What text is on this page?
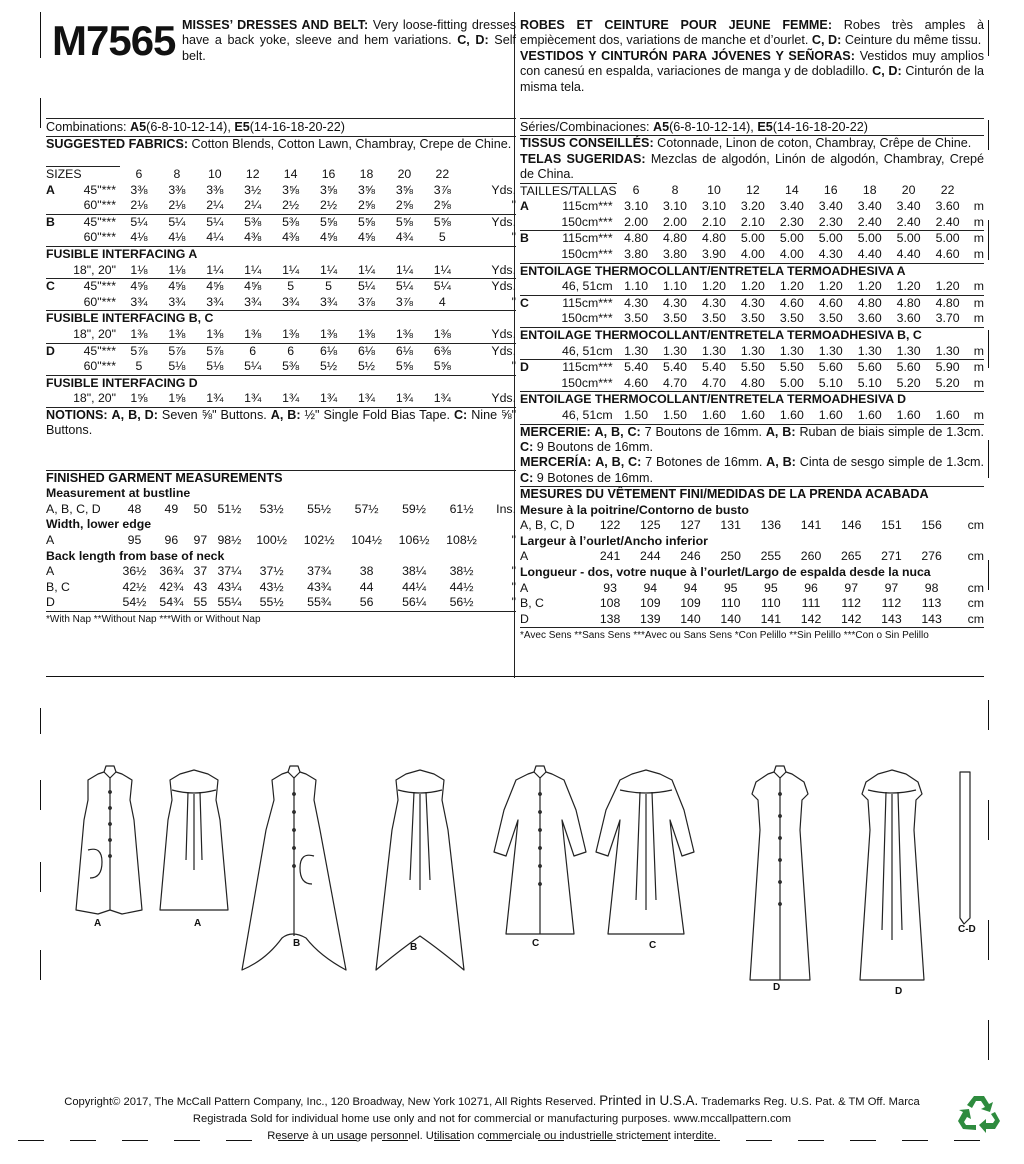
M7565 MISSES’ DRESSES AND BELT: Very loose-fitting dresses have a back yoke, sleeve and hem variations. C, D: Self belt.
Combinations: A5(6-8-10-12-14), E5(14-16-18-20-22)
SUGGESTED FABRICS: Cotton Blends, Cotton Lawn, Chambray, Crepe de Chine.
SIZES		6	8	10	12	14	16	18	20	22	
A	45"***	3⅜	3⅜	3⅜	3½	3⅝	3⅝	3⅝	3⅝	3⅞	Yds.
	60"***	2⅛	2⅛	2¼	2¼	2½	2½	2⅝	2⅝	2⅝	"
B	45"***	5¼	5¼	5¼	5⅜	5⅜	5⅝	5⅝	5⅝	5⅝	Yds.
	60"***	4⅛	4⅛	4¼	4⅜	4⅜	4⅝	4⅝	4¾	5	"
FUSIBLE INTERFACING A											
	18", 20"	1⅛	1⅛	1¼	1¼	1¼	1¼	1¼	1¼	1¼	Yds.
C	45"***	4⅝	4⅝	4⅝	4⅝	5	5	5¼	5¼	5¼	Yds.
	60"***	3¾	3¾	3¾	3¾	3¾	3¾	3⅞	3⅞	4	"
FUSIBLE INTERFACING B, C											
	18", 20"	1⅜	1⅜	1⅜	1⅜	1⅜	1⅜	1⅜	1⅜	1⅜	Yds.
D	45"***	5⅞	5⅞	5⅞	6	6	6⅛	6⅛	6⅛	6⅜	Yds.
	60"***	5	5⅛	5⅛	5¼	5⅜	5½	5½	5⅝	5⅝	"
FUSIBLE INTERFACING D											
	18", 20"	1⅝	1⅝	1¾	1¾	1¾	1¾	1¾	1¾	1¾	Yds.
NOTIONS: A, B, D: Seven ⅝" Buttons. A, B: ½" Single Fold Bias Tape. C: Nine ⅝" Buttons.
FINISHED GARMENT MEASUREMENTS
Measurement at bustline										
A, B, C, D	48	49	50	51½	53½	55½	57½	59½	61½	Ins.
Width, lower edge										
A	95	96	97	98½	100½	102½	104½	106½	108½	"
Back length from base of neck										
A	36½	36¾	37	37¼	37½	37¾	38	38¼	38½	"
B, C	42½	42¾	43	43¼	43½	43¾	44	44¼	44½	"
D	54½	54¾	55	55¼	55½	55¾	56	56¼	56½	"
*With Nap **Without Nap ***With or Without Nap
ROBES ET CEINTURE POUR JEUNE FEMME: Robes très amples à empiècement dos, variations de manche et d’ourlet. C, D: Ceinture du même tissu.
VESTIDOS Y CINTURÓN PARA JÓVENES Y SEÑORAS: Vestidos muy amplios con canesú en espalda, variaciones de manga y de dobladillo. C, D: Cinturón de la misma tela.
Séries/Combinaciones: A5(6-8-10-12-14), E5(14-16-18-20-22)
TISSUS CONSEILLÉS: Cotonnade, Linon de coton, Chambray, Crêpe de Chine.
TELAS SUGERIDAS: Mezclas de algodón, Linón de algodón, Chambray, Crepé de China.
TAILLES/TALLAS		6	8	10	12	14	16	18	20	22	
A	115cm***	3.10	3.10	3.10	3.20	3.40	3.40	3.40	3.40	3.60	m
	150cm***	2.00	2.00	2.10	2.10	2.30	2.30	2.40	2.40	2.40	m
B	115cm***	4.80	4.80	4.80	5.00	5.00	5.00	5.00	5.00	5.00	m
	150cm***	3.80	3.80	3.90	4.00	4.00	4.30	4.40	4.40	4.60	m
ENTOILAGE THERMOCOLLANT/ENTRETELA TERMOADHESIVA A											
	46, 51cm	1.10	1.10	1.20	1.20	1.20	1.20	1.20	1.20	1.20	m
C	115cm***	4.30	4.30	4.30	4.30	4.60	4.60	4.80	4.80	4.80	m
	150cm***	3.50	3.50	3.50	3.50	3.50	3.50	3.60	3.60	3.70	m
ENTOILAGE THERMOCOLLANT/ENTRETELA TERMOADHESIVA B, C											
	46, 51cm	1.30	1.30	1.30	1.30	1.30	1.30	1.30	1.30	1.30	m
D	115cm***	5.40	5.40	5.40	5.50	5.50	5.60	5.60	5.60	5.90	m
	150cm***	4.60	4.70	4.70	4.80	5.00	5.10	5.10	5.20	5.20	m
ENTOILAGE THERMOCOLLANT/ENTRETELA TERMOADHESIVA D											
	46, 51cm	1.50	1.50	1.60	1.60	1.60	1.60	1.60	1.60	1.60	m
MERCERIE: A, B, C: 7 Boutons de 16mm. A, B: Ruban de biais simple de 1.3cm. C: 9 Boutons de 16mm.
MERCERÍA: A, B, C: 7 Botones de 16mm. A, B: Cinta de sesgo simple de 1.3cm. C: 9 Botones de 16mm.
MESURES DU VÊTEMENT FINI/MEDIDAS DE LA PRENDA ACABADA
Mesure à la poitrine/Contorno de busto										
A, B, C, D	122	125	127	131	136	141	146	151	156	cm
Largeur à l’ourlet/Ancho inferior										
A	241	244	246	250	255	260	265	271	276	cm
Longueur - dos, votre nuque à l’ourlet/Largo de espalda desde la nuca										
A	93	94	94	95	95	96	97	97	98	cm
B, C	108	109	109	110	110	111	112	112	113	cm
D	138	139	140	140	141	142	142	143	143	cm
*Avec Sens **Sans Sens ***Avec ou Sans Sens *Con Pelillo **Sin Pelillo ***Con o Sin Pelillo
A	A
B	B	C	C
D	D
C-D
Copyright© 2017, The McCall Pattern Company, Inc., 120 Broadway, New York 10271, All Rights Reserved. Printed in U.S.A. Trademarks Reg. U.S. Pat. & TM Off. Marca
Registrada Sold for individual home use only and not for commercial or manufacturing purposes. www.mccallpattern.com
Reserve à un usage personnel. Utilisation commerciale ou industrielle strictement interdite.
